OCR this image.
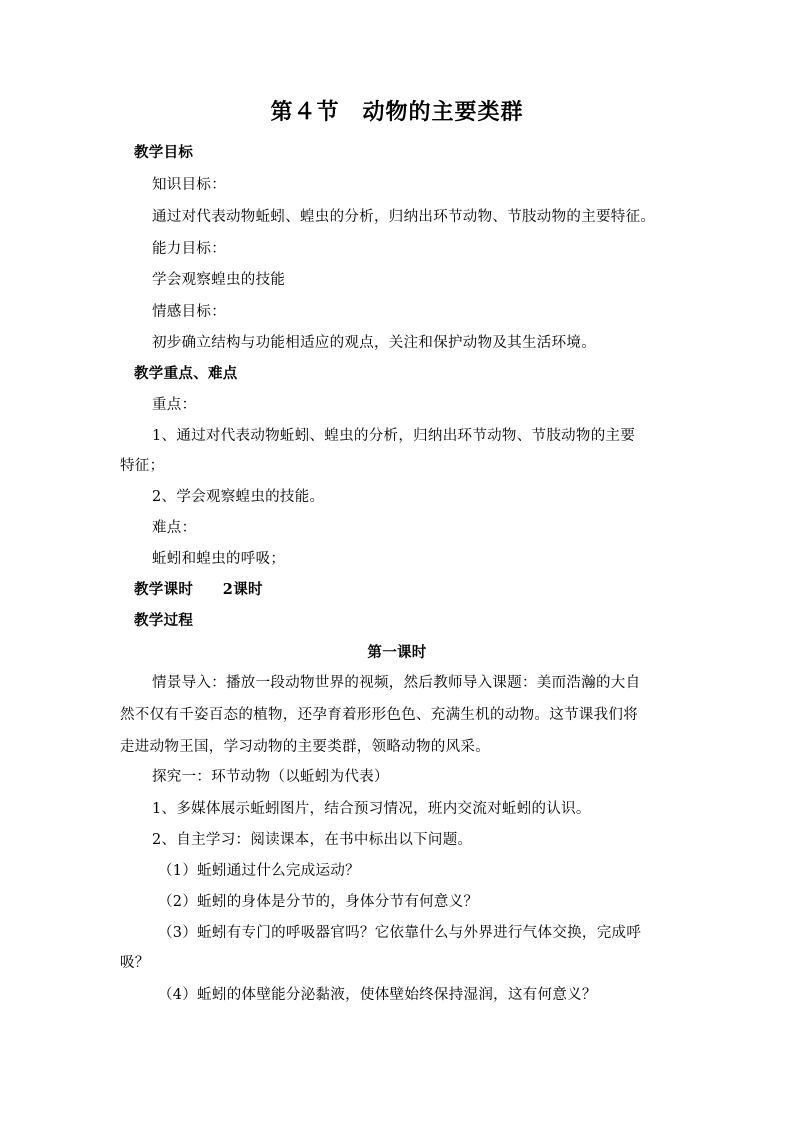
第４节　动物的主要类群
教学目标
知识目标：
通过对代表动物蚯蚓、蝗虫的分析，归纳出环节动物、节肢动物的主要特征。
能力目标：
学会观察蝗虫的技能
情感目标：
初步确立结构与功能相适应的观点，关注和保护动物及其生活环境。
教学重点、难点
重点：
1、通过对代表动物蚯蚓、蝗虫的分析，归纳出环节动物、节肢动物的主要
特征；
2、学会观察蝗虫的技能。
难点：
蚯蚓和蝗虫的呼吸；
教学课时　　2课时
教学过程
第一课时
情景导入：播放一段动物世界的视频，然后教师导入课题：美而浩瀚的大自
然不仅有千姿百态的植物，还孕育着形形色色、充满生机的动物。这节课我们将
走进动物王国，学习动物的主要类群，领略动物的风采。
探究一：环节动物（以蚯蚓为代表）
1、多媒体展示蚯蚓图片，结合预习情况，班内交流对蚯蚓的认识。
2、自主学习：阅读课本，在书中标出以下问题。
（1）蚯蚓通过什么完成运动？
（2）蚯蚓的身体是分节的，身体分节有何意义？
（3）蚯蚓有专门的呼吸器官吗？它依靠什么与外界进行气体交换，完成呼
吸？
（4）蚯蚓的体壁能分泌黏液，使体壁始终保持湿润，这有何意义？
